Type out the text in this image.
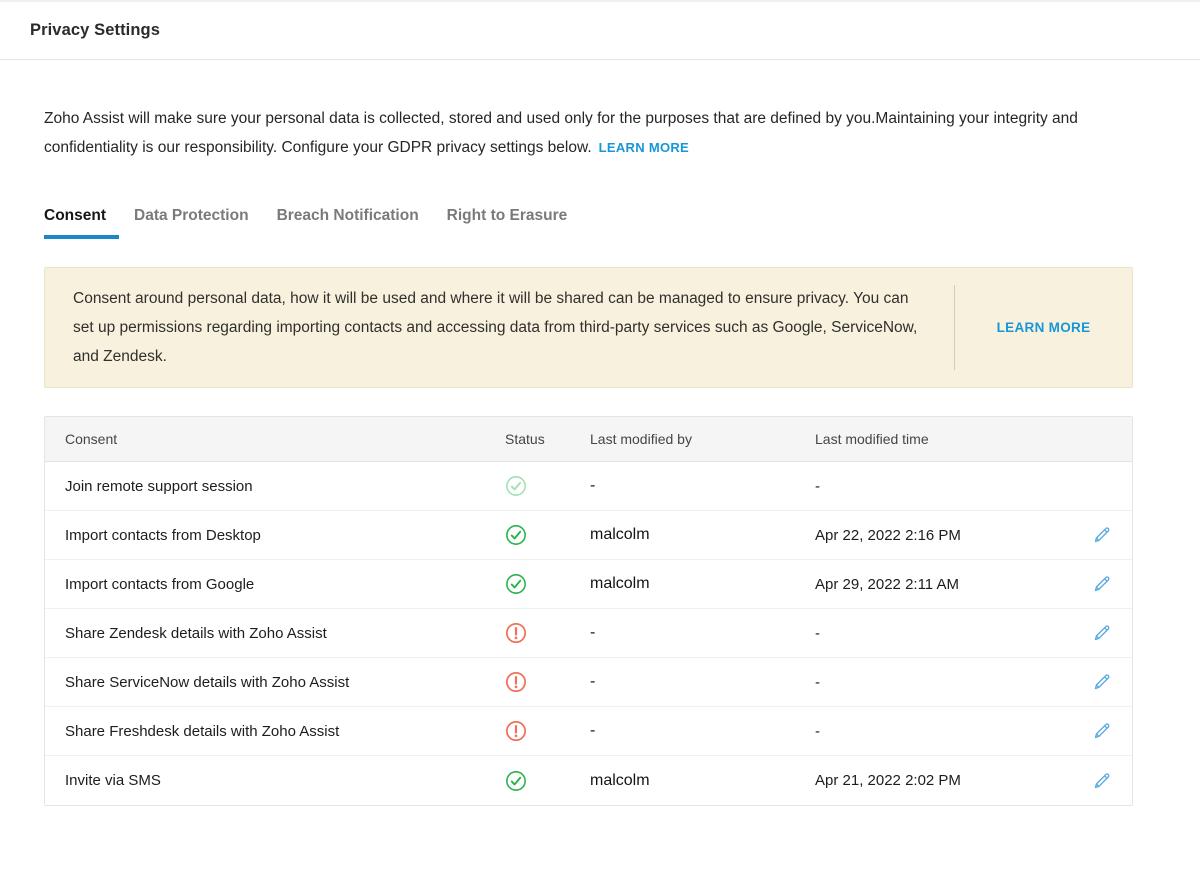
Privacy Settings

Zoho Assist will make sure your personal data is collected, stored and used only for the purposes that are defined by you.Maintaining your integrity and confidentiality is our responsibility. Configure your GDPR privacy settings below. LEARN MORE

Consent Data Protection Breach Notification Right to Erasure

Consent around personal data, how it will be used and where it will be shared can be managed to ensure privacy. You can set up permissions regarding importing contacts and accessing data from third-party services such as Google, ServiceNow, and Zendesk.

LEARN MORE
Consent	Status	Last modified by	Last modified time
Join remote support session	-	-
Import contacts from Desktop	malcolm	Apr 22, 2022 2:16 PM
Import contacts from Google	malcolm	Apr 29, 2022 2:11 AM
Share Zendesk details with Zoho Assist	-	-
Share ServiceNow details with Zoho Assist	-	-
Share Freshdesk details with Zoho Assist	-	-
Invite via SMS	malcolm	Apr 21, 2022 2:02 PM
